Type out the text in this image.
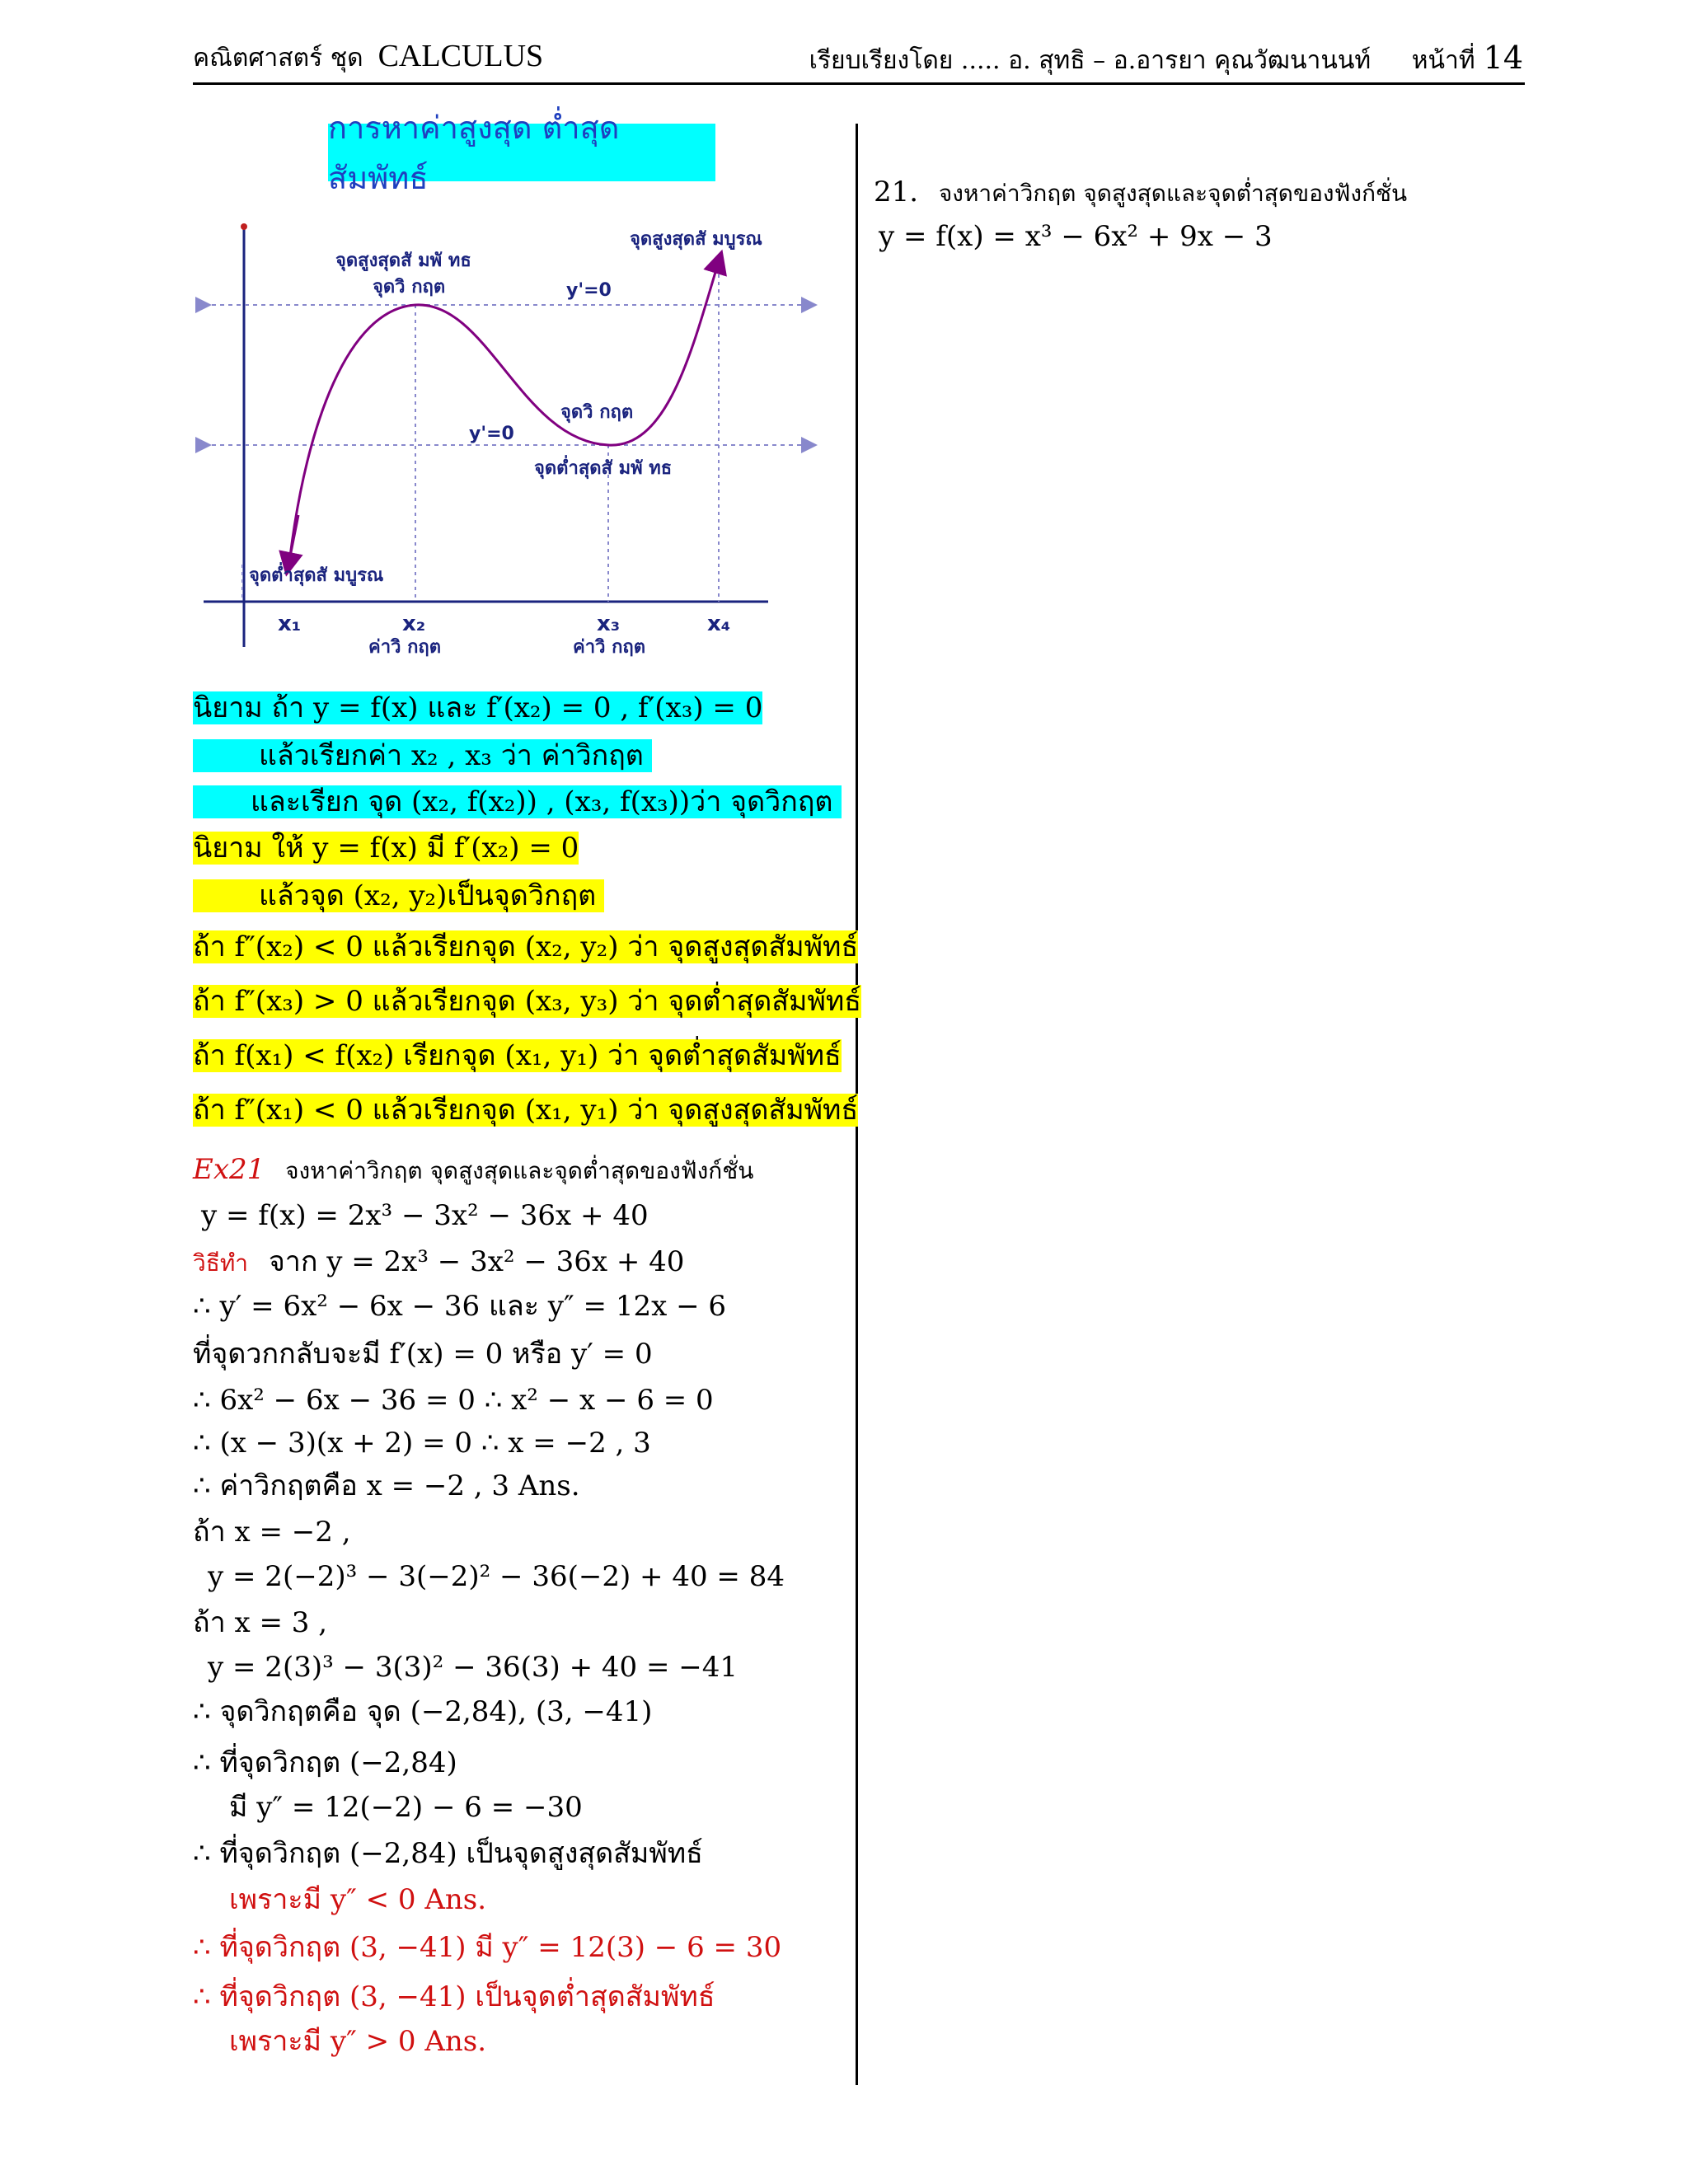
คณิตศาสตร์ ชุด CALCULUS	เรียบเรียงโดย ..... อ. สุทธิ – อ.อารยา คุณวัฒนานนท์ หน้าที่ 14
การหาค่าสูงสุด ต่ำสุด สัมพัทธ์
จุดสูงสุดสั มพั ทธ
จุดวิ กฤต	y'=0
จุดสูงสุดสั มบูรณ
จุดวิ กฤต
y'=0
จุดต่ำสุดสั มพั ทธ
จุดต่ำสุดสั มบูรณ
x₁	x₂	x₃	x₄
ค่าวิ กฤต	ค่าวิ กฤต
นิยาม ถ้า y = f(x) และ f′(x₂) = 0 , f′(x₃) = 0
แล้วเรียกค่า x₂ , x₃ ว่า ค่าวิกฤต
และเรียก จุด (x₂, f(x₂)) , (x₃, f(x₃))ว่า จุดวิกฤต
นิยาม ให้ y = f(x) มี f′(x₂) = 0
แล้วจุด (x₂, y₂)เป็นจุดวิกฤต
ถ้า f″(x₂) < 0 แล้วเรียกจุด (x₂, y₂) ว่า จุดสูงสุดสัมพัทธ์
ถ้า f″(x₃) > 0 แล้วเรียกจุด (x₃, y₃) ว่า จุดต่ำสุดสัมพัทธ์
ถ้า f(x₁) < f(x₂) เรียกจุด (x₁, y₁) ว่า จุดต่ำสุดสัมพัทธ์
ถ้า f″(x₁) < 0 แล้วเรียกจุด (x₁, y₁) ว่า จุดสูงสุดสัมพัทธ์
Ex21 จงหาค่าวิกฤต จุดสูงสุดและจุดต่ำสุดของฟังก์ชั่น
y = f(x) = 2x³ − 3x² − 36x + 40
วิธีทำ จาก y = 2x³ − 3x² − 36x + 40
∴ y′ = 6x² − 6x − 36 และ y″ = 12x − 6
ที่จุดวกกลับจะมี f′(x) = 0 หรือ y′ = 0
∴ 6x² − 6x − 36 = 0 ∴ x² − x − 6 = 0
∴ (x − 3)(x + 2) = 0 ∴ x = −2 , 3
∴ ค่าวิกฤตคือ x = −2 , 3 Ans.
ถ้า x = −2 ,
y = 2(−2)³ − 3(−2)² − 36(−2) + 40 = 84
ถ้า x = 3 ,
y = 2(3)³ − 3(3)² − 36(3) + 40 = −41
∴ จุดวิกฤตคือ จุด (−2,84), (3, −41)
∴ ที่จุดวิกฤต (−2,84)
มี y″ = 12(−2) − 6 = −30
∴ ที่จุดวิกฤต (−2,84) เป็นจุดสูงสุดสัมพัทธ์
เพราะมี y″ < 0 Ans.
∴ ที่จุดวิกฤต (3, −41) มี y″ = 12(3) − 6 = 30
∴ ที่จุดวิกฤต (3, −41) เป็นจุดต่ำสุดสัมพัทธ์
เพราะมี y″ > 0 Ans.
21. จงหาค่าวิกฤต จุดสูงสุดและจุดต่ำสุดของฟังก์ชั่น
y = f(x) = x³ − 6x² + 9x − 3
